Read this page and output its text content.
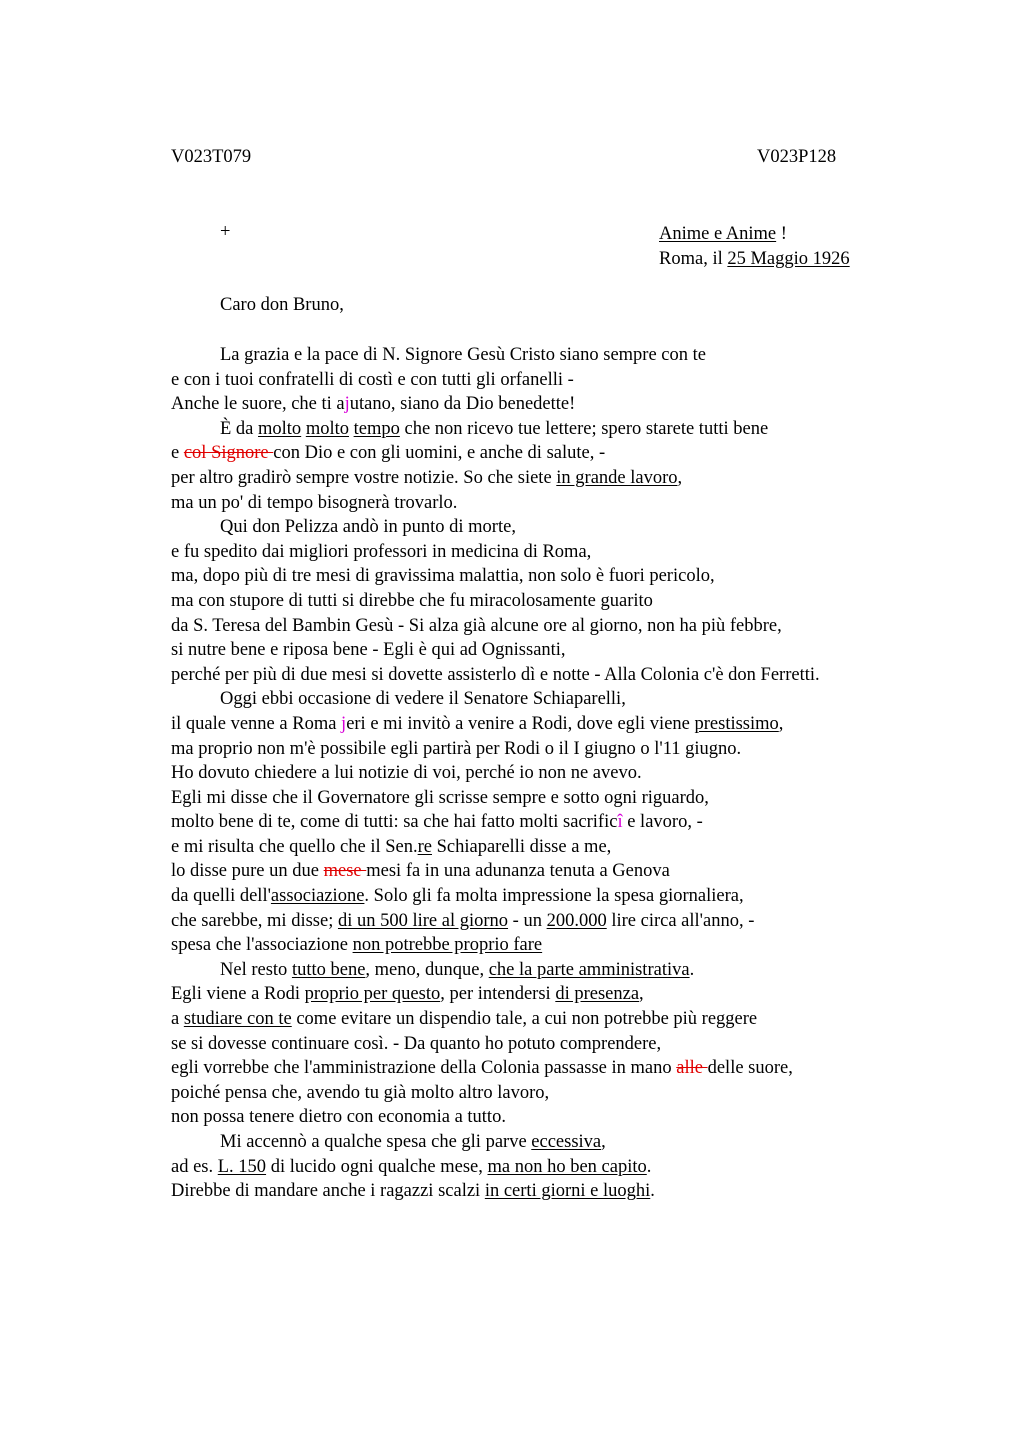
V023T079	V023P128
+	Anime e Anime !
Roma, il 25 Maggio 1926
Caro don Bruno,
La grazia e la pace di N. Signore Gesù Cristo siano sempre con te
e con i tuoi confratelli di costì e con tutti gli orfanelli -
Anche le suore, che ti ajutano, siano da Dio benedette!
È da molto molto tempo che non ricevo tue lettere; spero starete tutti bene
e col Signore con Dio e con gli uomini, e anche di salute, -
per altro gradirò sempre vostre notizie. So che siete in grande lavoro,
ma un po' di tempo bisognerà trovarlo.
Qui don Pelizza andò in punto di morte,
e fu spedito dai migliori professori in medicina di Roma,
ma, dopo più di tre mesi di gravissima malattia, non solo è fuori pericolo,
ma con stupore di tutti si direbbe che fu miracolosamente guarito
da S. Teresa del Bambin Gesù - Si alza già alcune ore al giorno, non ha più febbre,
si nutre bene e riposa bene - Egli è qui ad Ognissanti,
perché per più di due mesi si dovette assisterlo dì e notte - Alla Colonia c'è don Ferretti.
Oggi ebbi occasione di vedere il Senatore Schiaparelli,
il quale venne a Roma jeri e mi invitò a venire a Rodi, dove egli viene prestissimo,
ma proprio non m'è possibile egli partirà per Rodi o il I giugno o l'11 giugno.
Ho dovuto chiedere a lui notizie di voi, perché io non ne avevo.
Egli mi disse che il Governatore gli scrisse sempre e sotto ogni riguardo,
molto bene di te, come di tutti: sa che hai fatto molti sacrificî e lavoro, -
e mi risulta che quello che il Sen.re Schiaparelli disse a me,
lo disse pure un due mese mesi fa in una adunanza tenuta a Genova
da quelli dell'associazione. Solo gli fa molta impressione la spesa giornaliera,
che sarebbe, mi disse; di un 500 lire al giorno - un 200.000 lire circa all'anno, -
spesa che l'associazione non potrebbe proprio fare
Nel resto tutto bene, meno, dunque, che la parte amministrativa.
Egli viene a Rodi proprio per questo, per intendersi di presenza,
a studiare con te come evitare un dispendio tale, a cui non potrebbe più reggere
se si dovesse continuare così. - Da quanto ho potuto comprendere,
egli vorrebbe che l'amministrazione della Colonia passasse in mano alle delle suore,
poiché pensa che, avendo tu già molto altro lavoro,
non possa tenere dietro con economia a tutto.
Mi accennò a qualche spesa che gli parve eccessiva,
ad es. L. 150 di lucido ogni qualche mese, ma non ho ben capito.
Direbbe di mandare anche i ragazzi scalzi in certi giorni e luoghi.
